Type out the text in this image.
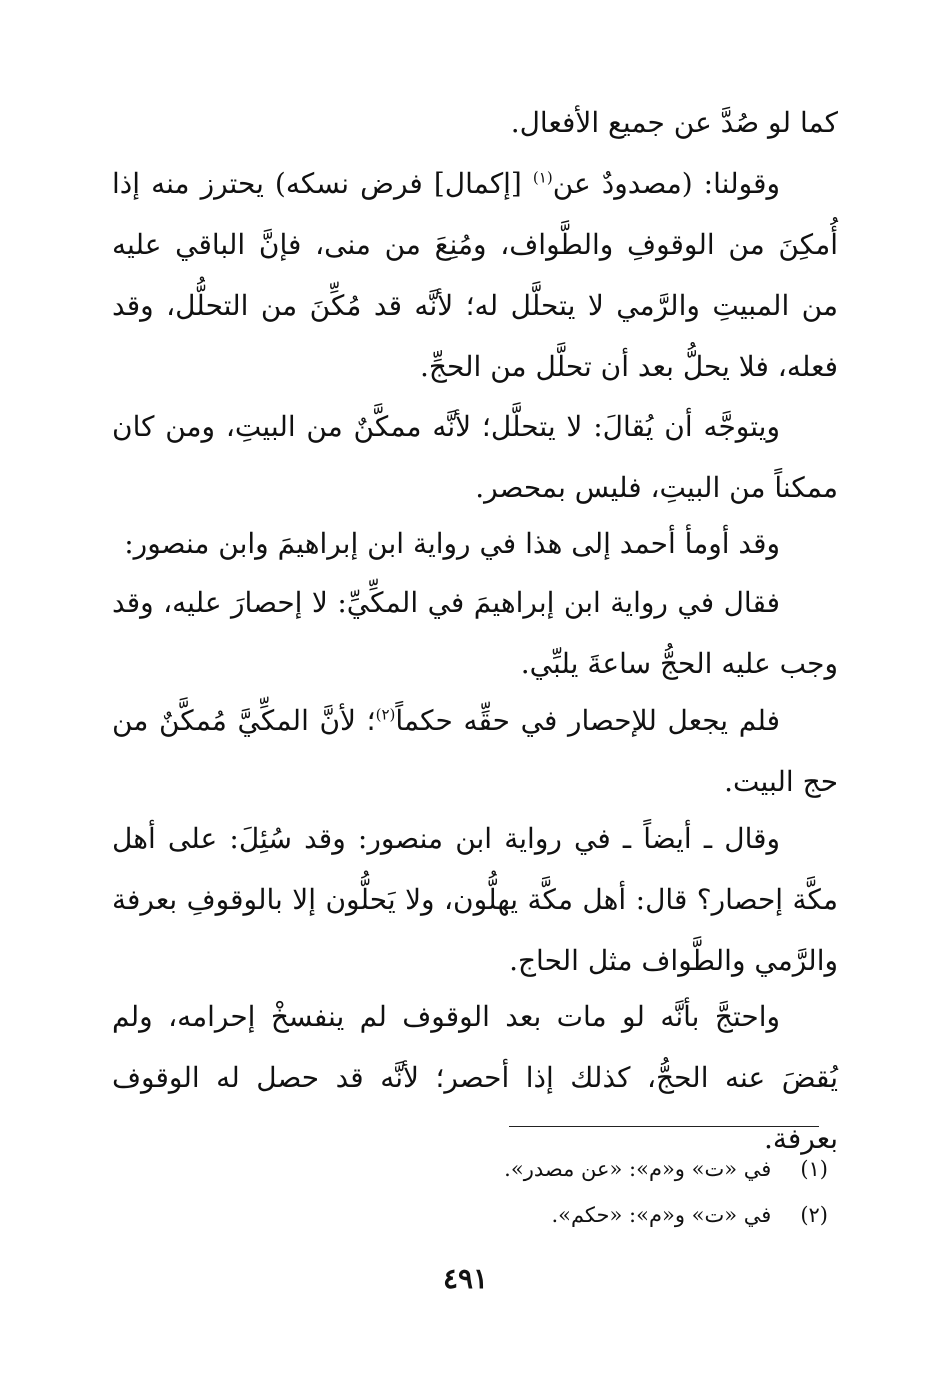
كما لو صُدَّ عن جميع الأفعال.

وقولنا: (مصدودٌ عن$^{(١)}$ [إكمال] فرض نسكه) يحترز منه إذا أُمكِنَ من الوقوفِ والطَّواف، ومُنِعَ من منى، فإنَّ الباقي عليه من المبيتِ والرَّمي لا يتحلَّل له؛ لأنَّه قد مُكِّنَ من التحلُّل، وقد فعله، فلا يحلُّ بعد أن تحلَّل من الحجِّ.

ويتوجَّه أن يُقالَ: لا يتحلَّل؛ لأنَّه ممكَّنٌ من البيتِ، ومن كان ممكناً من البيتِ، فليس بمحصر.

وقد أومأ أحمد إلى هذا في رواية ابن إبراهيمَ وابن منصور:

فقال في رواية ابن إبراهيمَ في المكِّيِّ: لا إحصارَ عليه، وقد وجب عليه الحجُّ ساعةَ يلبِّي.

فلم يجعل للإحصار في حقِّه حكماً$^{(٢)}$؛ لأنَّ المكِّيَّ مُمكَّنٌ من حج البيت.

وقال ـ أيضاً ـ في رواية ابن منصور: وقد سُئِلَ: على أهل مكَّة إحصار؟ قال: أهل مكَّة يهلُّون، ولا يَحلُّون إلا بالوقوفِ بعرفة والرَّمي والطَّواف مثل الحاج.

واحتجَّ بأنَّه لو مات بعد الوقوف لم ينفسخْ إحرامه، ولم يُقضَ عنه الحجُّ، كذلك إذا أحصر؛ لأنَّه قد حصل له الوقوف بعرفة.

(١) في «ت» و«م»: «عن مصدر».
(٢) في «ت» و«م»: «حكم».
٤٩١
